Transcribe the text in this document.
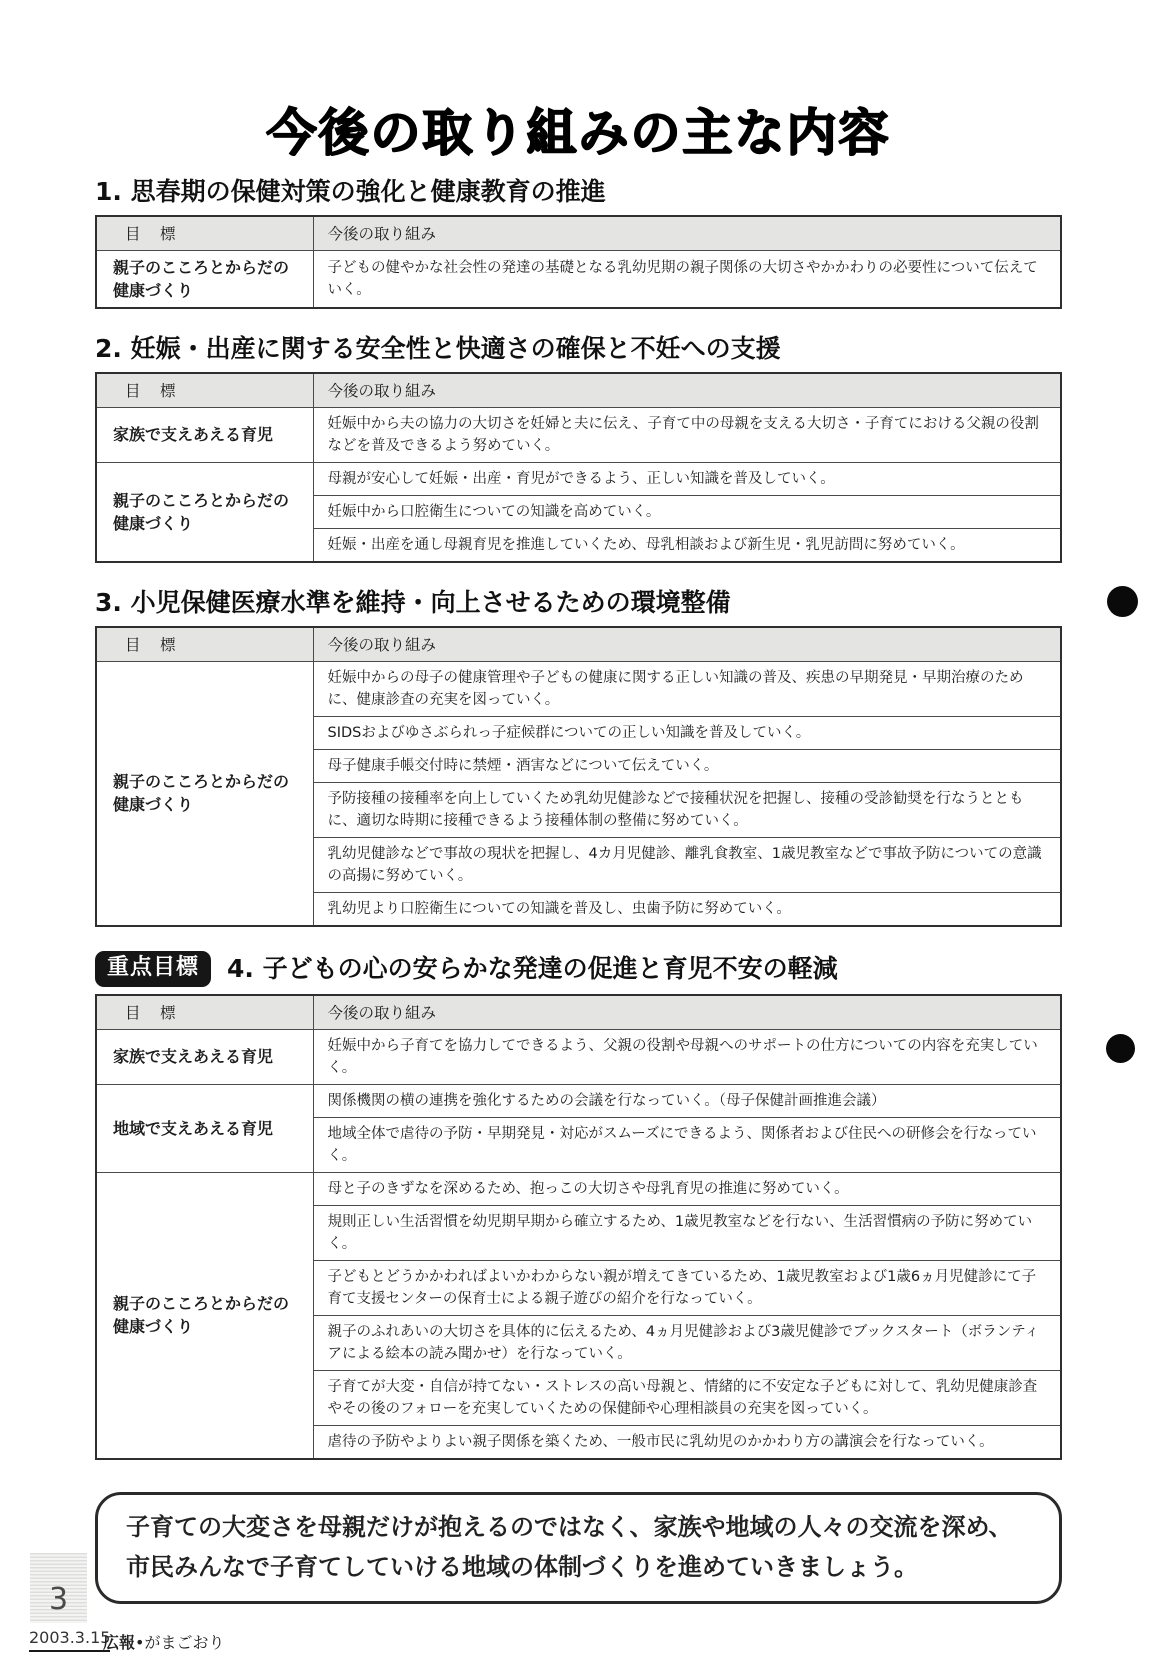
今後の取り組みの主な内容
1. 思春期の保健対策の強化と健康教育の推進
目　標	今後の取り組み
親子のこころとからだの健康づくり	子どもの健やかな社会性の発達の基礎となる乳幼児期の親子関係の大切さやかかわりの必要性について伝えていく。
2. 妊娠・出産に関する安全性と快適さの確保と不妊への支援
目　標	今後の取り組み
家族で支えあえる育児	妊娠中から夫の協力の大切さを妊婦と夫に伝え、子育て中の母親を支える大切さ・子育てにおける父親の役割などを普及できるよう努めていく。
親子のこころとからだの健康づくり	母親が安心して妊娠・出産・育児ができるよう、正しい知識を普及していく。
	妊娠中から口腔衛生についての知識を高めていく。
	妊娠・出産を通し母親育児を推進していくため、母乳相談および新生児・乳児訪問に努めていく。
3. 小児保健医療水準を維持・向上させるための環境整備
目　標	今後の取り組み
親子のこころとからだの健康づくり	妊娠中からの母子の健康管理や子どもの健康に関する正しい知識の普及、疾患の早期発見・早期治療のために、健康診査の充実を図っていく。
	SIDSおよびゆさぶられっ子症候群についての正しい知識を普及していく。
	母子健康手帳交付時に禁煙・酒害などについて伝えていく。
	予防接種の接種率を向上していくため乳幼児健診などで接種状況を把握し、接種の受診勧奨を行なうとともに、適切な時期に接種できるよう接種体制の整備に努めていく。
	乳幼児健診などで事故の現状を把握し、4カ月児健診、離乳食教室、1歳児教室などで事故予防についての意識の高揚に努めていく。
	乳幼児より口腔衛生についての知識を普及し、虫歯予防に努めていく。
重点目標	4. 子どもの心の安らかな発達の促進と育児不安の軽減
目　標	今後の取り組み
家族で支えあえる育児	妊娠中から子育てを協力してできるよう、父親の役割や母親へのサポートの仕方についての内容を充実していく。
地域で支えあえる育児	関係機関の横の連携を強化するための会議を行なっていく。（母子保健計画推進会議）
	地域全体で虐待の予防・早期発見・対応がスムーズにできるよう、関係者および住民への研修会を行なっていく。
親子のこころとからだの健康づくり	母と子のきずなを深めるため、抱っこの大切さや母乳育児の推進に努めていく。
	規則正しい生活習慣を幼児期早期から確立するため、1歳児教室などを行ない、生活習慣病の予防に努めていく。
	子どもとどうかかわればよいかわからない親が増えてきているため、1歳児教室および1歳6ヵ月児健診にて子育て支援センターの保育士による親子遊びの紹介を行なっていく。
	親子のふれあいの大切さを具体的に伝えるため、4ヵ月児健診および3歳児健診でブックスタート（ボランティアによる絵本の読み聞かせ）を行なっていく。
	子育てが大変・自信が持てない・ストレスの高い母親と、情緒的に不安定な子どもに対して、乳幼児健康診査やその後のフォローを充実していくための保健師や心理相談員の充実を図っていく。
	虐待の予防やよりよい親子関係を築くため、一般市民に乳幼児のかかわり方の講演会を行なっていく。
子育ての大変さを母親だけが抱えるのではなく、家族や地域の人々の交流を深め、
市民みんなで子育てしていける地域の体制づくりを進めていきましょう。
3
2003.3.15
広報•がまごおり
